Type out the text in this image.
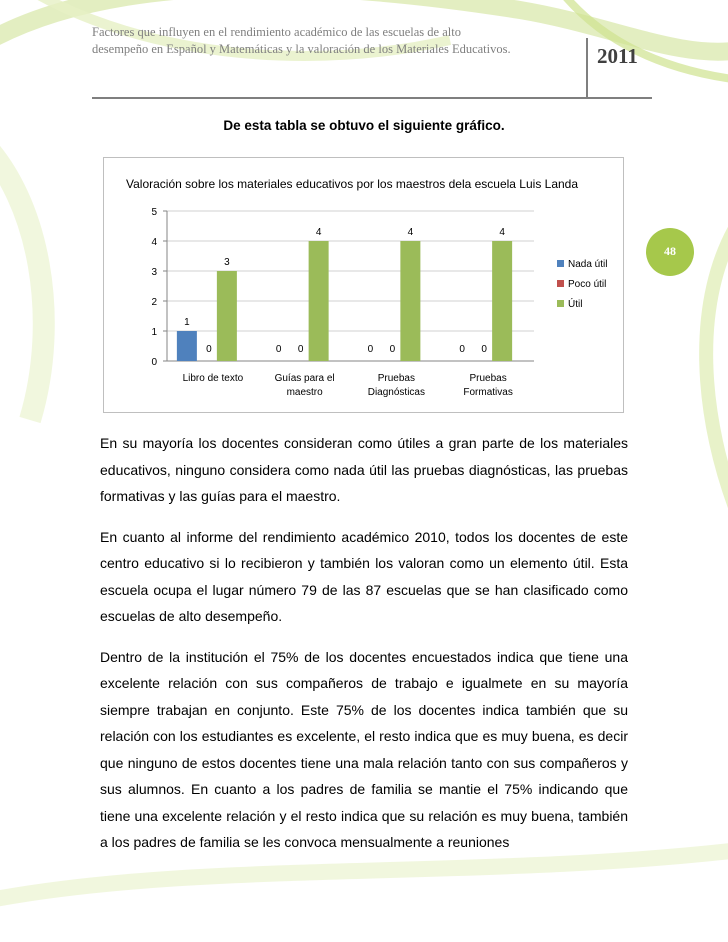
Factores que influyen en el rendimiento académico de las escuelas de alto
desempeño en Español y Matemáticas y la valoración de los Materiales Educativos.	2011
48
De esta tabla se obtuvo el siguiente gráfico.
Valoración sobre los materiales educativos por los maestros dela escuela Luis Landa
0
1
2
3
4
5
1
0
3
Libro de texto
0 0
4
Guías para el
maestro
0 0
4
Pruebas
Diagnósticas
0 0
4
Pruebas
Formativas
Nada útil
Poco útil
Útil

En su mayoría los docentes consideran como útiles a gran parte de los materiales educativos, ninguno considera como nada útil las pruebas diagnósticas, las pruebas formativas y las guías para el maestro.

En cuanto al informe del rendimiento académico 2010, todos los docentes de este centro educativo si lo recibieron y también los valoran como un elemento útil. Esta escuela ocupa el lugar número 79 de las 87 escuelas que se han clasificado como escuelas de alto desempeño.

Dentro de la institución el 75% de los docentes encuestados indica que tiene una excelente relación con sus compañeros de trabajo e igualmete en su mayoría siempre trabajan en conjunto. Este 75% de los docentes indica también que su relación con los estudiantes es excelente, el resto indica que es muy buena, es decir que ninguno de estos docentes tiene una mala relación tanto con sus compañeros y sus alumnos. En cuanto a los padres de familia se mantie el 75% indicando que tiene una excelente relación y el resto indica que su relación es muy buena, también a los padres de familia se les convoca mensualmente a reuniones
